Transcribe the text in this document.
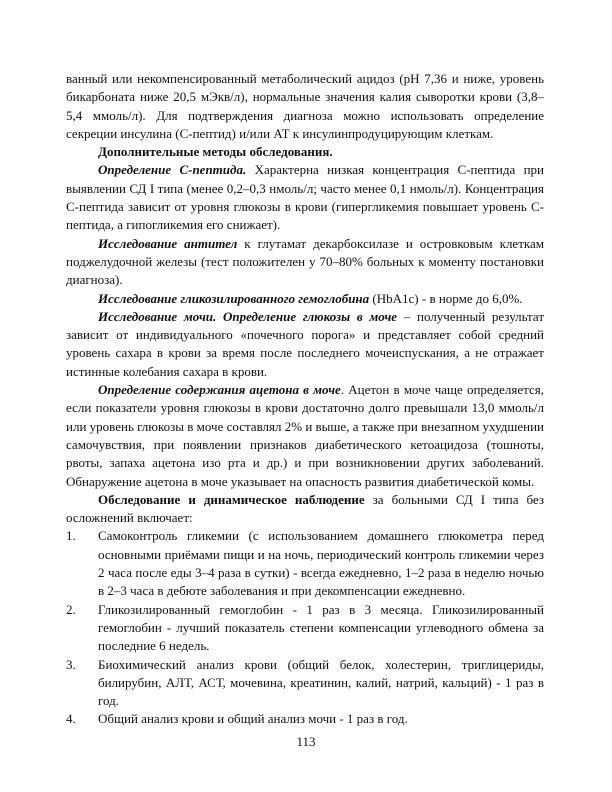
ванный или некомпенсированный метаболический ацидоз (рН 7,36 и ниже, уровень бикарбоната ниже 20,5 мЭкв/л), нормальные значения калия сыворотки крови (3,8–5,4 ммоль/л). Для подтверждения диагноза можно использовать определение секреции инсулина (С-пептид) и/или АТ к инсулинпродуцирующим клеткам.

Дополнительные методы обследования.

Определение С-пептида. Характерна низкая концентрация С-пептида при выявлении СД I типа (менее 0,2–0,3 нмоль/л; часто менее 0,1 нмоль/л). Концентрация С-пептида зависит от уровня глюкозы в крови (гипергликемия повышает уровень С-пептида, а гипогликемия его снижает).

Исследование антител к глутамат декарбоксилазе и островковым клеткам поджелудочной железы (тест положителен у 70–80% больных к моменту постановки диагноза).

Исследование гликозилированного гемоглобина (HbA1c) - в норме до 6,0%.

Исследование мочи. Определение глюкозы в моче – полученный результат зависит от индивидуального «почечного порога» и представляет собой средний уровень сахара в крови за время после последнего мочеиспускания, а не отражает истинные колебания сахара в крови.

Определение содержания ацетона в моче. Ацетон в моче чаще определяется, если показатели уровня глюкозы в крови достаточно долго превышали 13,0 ммоль/л или уровень глюкозы в моче составлял 2% и выше, а также при внезапном ухудшении самочувствия, при появлении признаков диабетического кетоацидоза (тошноты, рвоты, запаха ацетона изо рта и др.) и при возникновении других заболеваний. Обнаружение ацетона в моче указывает на опасность развития диабетической комы.

Обследование и динамическое наблюдение за больными СД I типа без осложнений включает:

1. Самоконтроль гликемии (с использованием домашнего глюкометра перед основными приёмами пищи и на ночь, периодический контроль гликемии через 2 часа после еды 3–4 раза в сутки) - всегда ежедневно, 1–2 раза в неделю ночью в 2–3 часа в дебюте заболевания и при декомпенсации ежедневно.
2. Гликозилированный гемоглобин - 1 раз в 3 месяца. Гликозилированный гемоглобин - лучший показатель степени компенсации углеводного обмена за последние 6 недель.
3. Биохимический анализ крови (общий белок, холестерин, триглицериды, билирубин, АЛТ, АСТ, мочевина, креатинин, калий, натрий, кальций) - 1 раз в год.
4. Общий анализ крови и общий анализ мочи - 1 раз в год.
113
